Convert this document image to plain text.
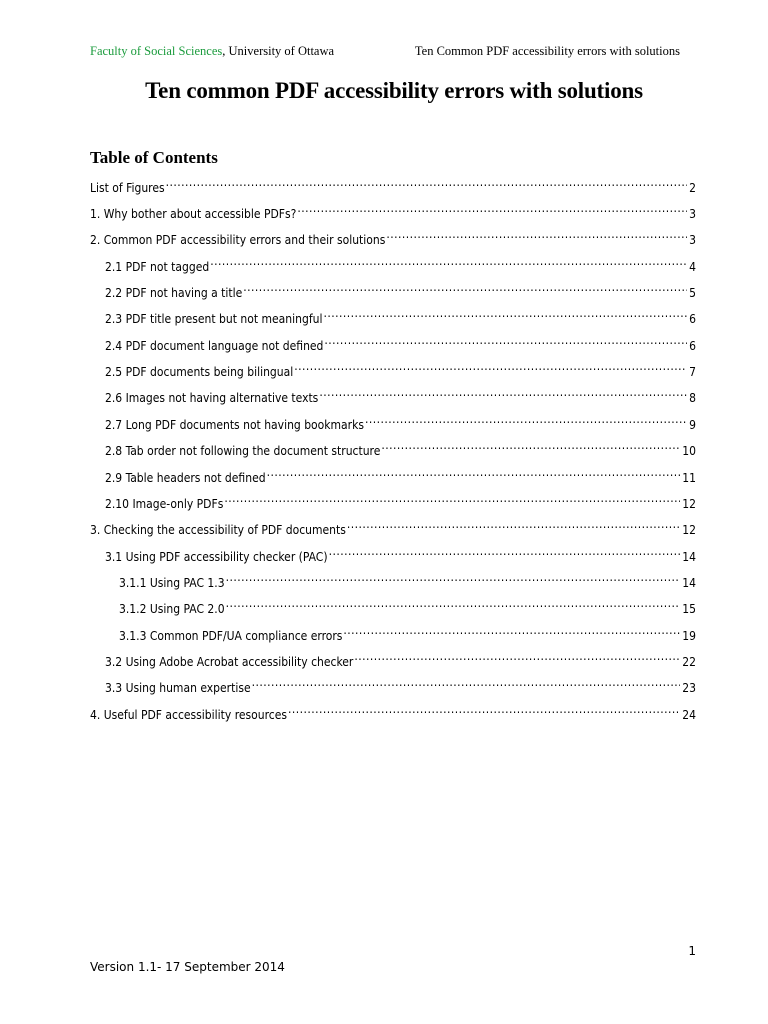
Faculty of Social Sciences, University of Ottawa	Ten Common PDF accessibility errors with solutions
Ten common PDF accessibility errors with solutions
Table of Contents
List of Figures .....	2
1. Why bother about accessible PDFs? .....	3
2. Common PDF accessibility errors and their solutions .....	3
2.1 PDF not tagged .....	4
2.2 PDF not having a title .....	5
2.3 PDF title present but not meaningful .....	6
2.4 PDF document language not defined .....	6
2.5 PDF documents being bilingual .....	7
2.6 Images not having alternative texts .....	8
2.7 Long PDF documents not having bookmarks .....	9
2.8 Tab order not following the document structure .....	10
2.9 Table headers not defined .....	11
2.10 Image-only PDFs .....	12
3. Checking the accessibility of PDF documents .....	12
3.1 Using PDF accessibility checker (PAC) .....	14
3.1.1 Using PAC 1.3 .....	14
3.1.2 Using PAC 2.0 .....	15
3.1.3 Common PDF/UA compliance errors .....	19
3.2 Using Adobe Acrobat accessibility checker .....	22
3.3 Using human expertise .....	23
4. Useful PDF accessibility resources .....	24
1
Version 1.1- 17 September 2014
